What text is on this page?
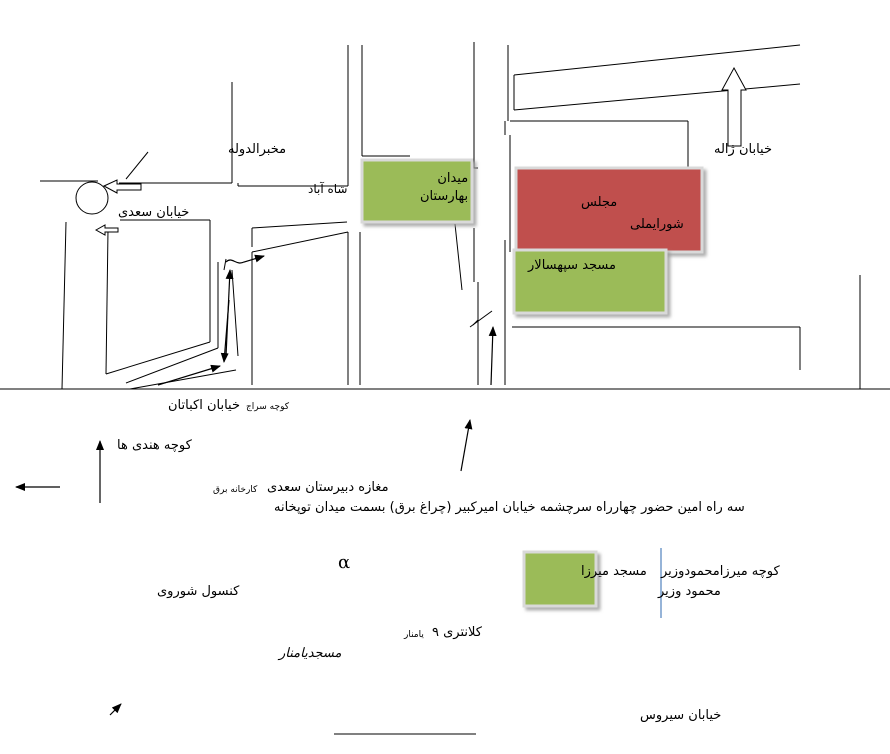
مخبرالدوله
شاه آباد
میدان
بهارستان
خیابان سعدی
مجلس
شورایملی
خیابان ژاله
مسجد سپهسالار
کوچه سراج
خیابان اکباتان
کوچه هندی ها
مغازه دبیرستان سعدی
کارخانه برق
سه راه امین حضور چهارراه سرچشمه خیابان امیرکبیر (چراغ برق) بسمت میدان توپخانه
کوچه میرزامحمودوزیر
مسجد میرزا
محمود وزیر
کنسول شوروی
کلانتری ۹
یامنار
مسجدیامنار
خیابان سیروس
α
